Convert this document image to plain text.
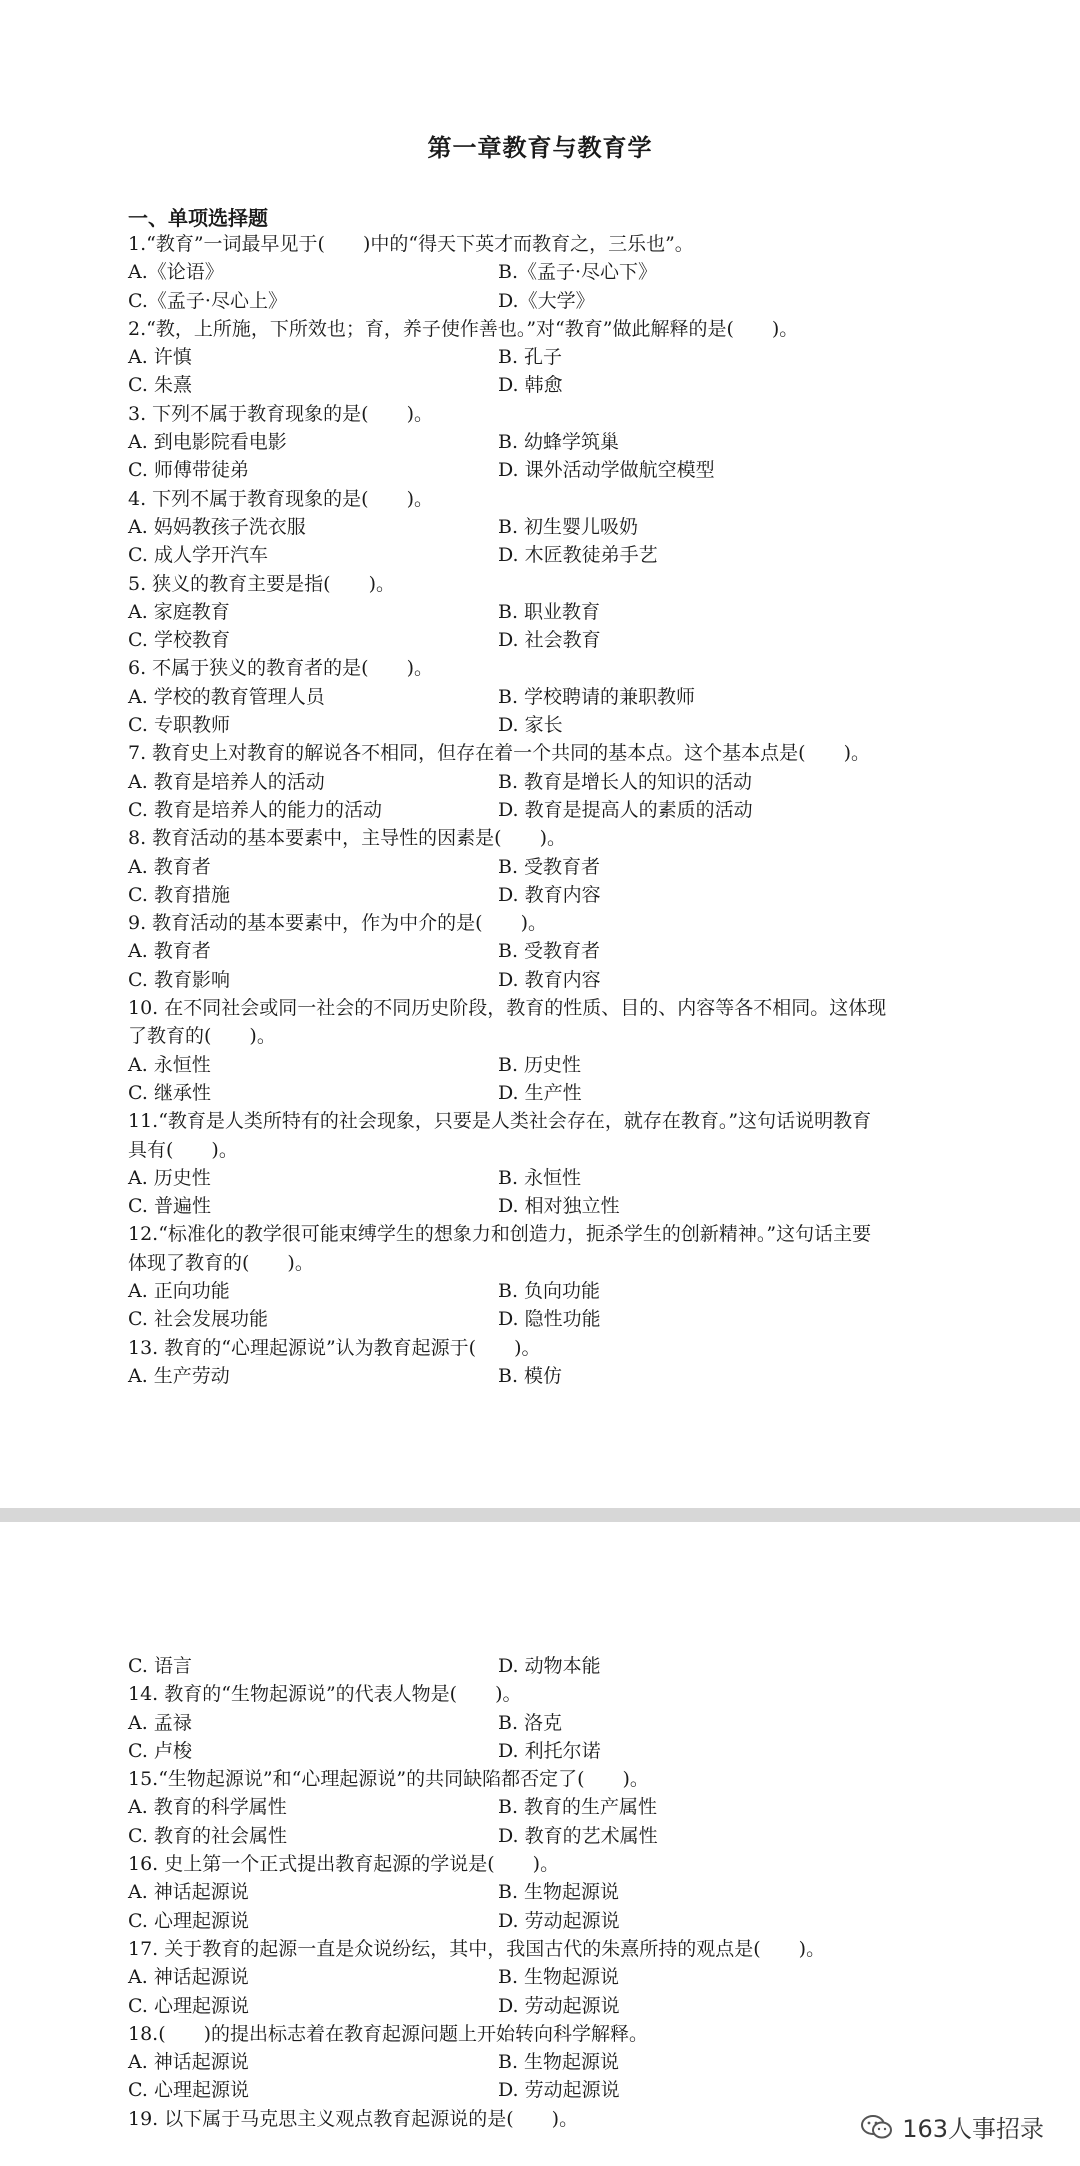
第一章教育与教育学
一、单项选择题
1.“教育”一词最早见于(　　)中的“得天下英才而教育之，三乐也”。
A.《论语》	B.《孟子·尽心下》
C.《孟子·尽心上》	D.《大学》
2.“教，上所施，下所效也；育，养子使作善也。”对“教育”做此解释的是(　　)。
A. 许慎	B. 孔子
C. 朱熹	D. 韩愈
3. 下列不属于教育现象的是(　　)。
A. 到电影院看电影	B. 幼蜂学筑巢
C. 师傅带徒弟	D. 课外活动学做航空模型
4. 下列不属于教育现象的是(　　)。
A. 妈妈教孩子洗衣服	B. 初生婴儿吸奶
C. 成人学开汽车	D. 木匠教徒弟手艺
5. 狭义的教育主要是指(　　)。
A. 家庭教育	B. 职业教育
C. 学校教育	D. 社会教育
6. 不属于狭义的教育者的是(　　)。
A. 学校的教育管理人员	B. 学校聘请的兼职教师
C. 专职教师	D. 家长
7. 教育史上对教育的解说各不相同，但存在着一个共同的基本点。这个基本点是(　　)。
A. 教育是培养人的活动	B. 教育是增长人的知识的活动
C. 教育是培养人的能力的活动	D. 教育是提高人的素质的活动
8. 教育活动的基本要素中，主导性的因素是(　　)。
A. 教育者	B. 受教育者
C. 教育措施	D. 教育内容
9. 教育活动的基本要素中，作为中介的是(　　)。
A. 教育者	B. 受教育者
C. 教育影响	D. 教育内容
10. 在不同社会或同一社会的不同历史阶段，教育的性质、目的、内容等各不相同。这体现
了教育的(　　)。
A. 永恒性	B. 历史性
C. 继承性	D. 生产性
11.“教育是人类所特有的社会现象，只要是人类社会存在，就存在教育。”这句话说明教育
具有(　　)。
A. 历史性	B. 永恒性
C. 普遍性	D. 相对独立性
12.“标准化的教学很可能束缚学生的想象力和创造力，扼杀学生的创新精神。”这句话主要
体现了教育的(　　)。
A. 正向功能	B. 负向功能
C. 社会发展功能	D. 隐性功能
13. 教育的“心理起源说”认为教育起源于(　　)。
A. 生产劳动	B. 模仿
C. 语言	D. 动物本能
14. 教育的“生物起源说”的代表人物是(　　)。
A. 孟禄	B. 洛克
C. 卢梭	D. 利托尔诺
15.“生物起源说”和“心理起源说”的共同缺陷都否定了(　　)。
A. 教育的科学属性	B. 教育的生产属性
C. 教育的社会属性	D. 教育的艺术属性
16. 史上第一个正式提出教育起源的学说是(　　)。
A. 神话起源说	B. 生物起源说
C. 心理起源说	D. 劳动起源说
17. 关于教育的起源一直是众说纷纭，其中，我国古代的朱熹所持的观点是(　　)。
A. 神话起源说	B. 生物起源说
C. 心理起源说	D. 劳动起源说
18.(　　)的提出标志着在教育起源问题上开始转向科学解释。
A. 神话起源说	B. 生物起源说
C. 心理起源说	D. 劳动起源说
19. 以下属于马克思主义观点教育起源说的是(　　)。	163人事招录
